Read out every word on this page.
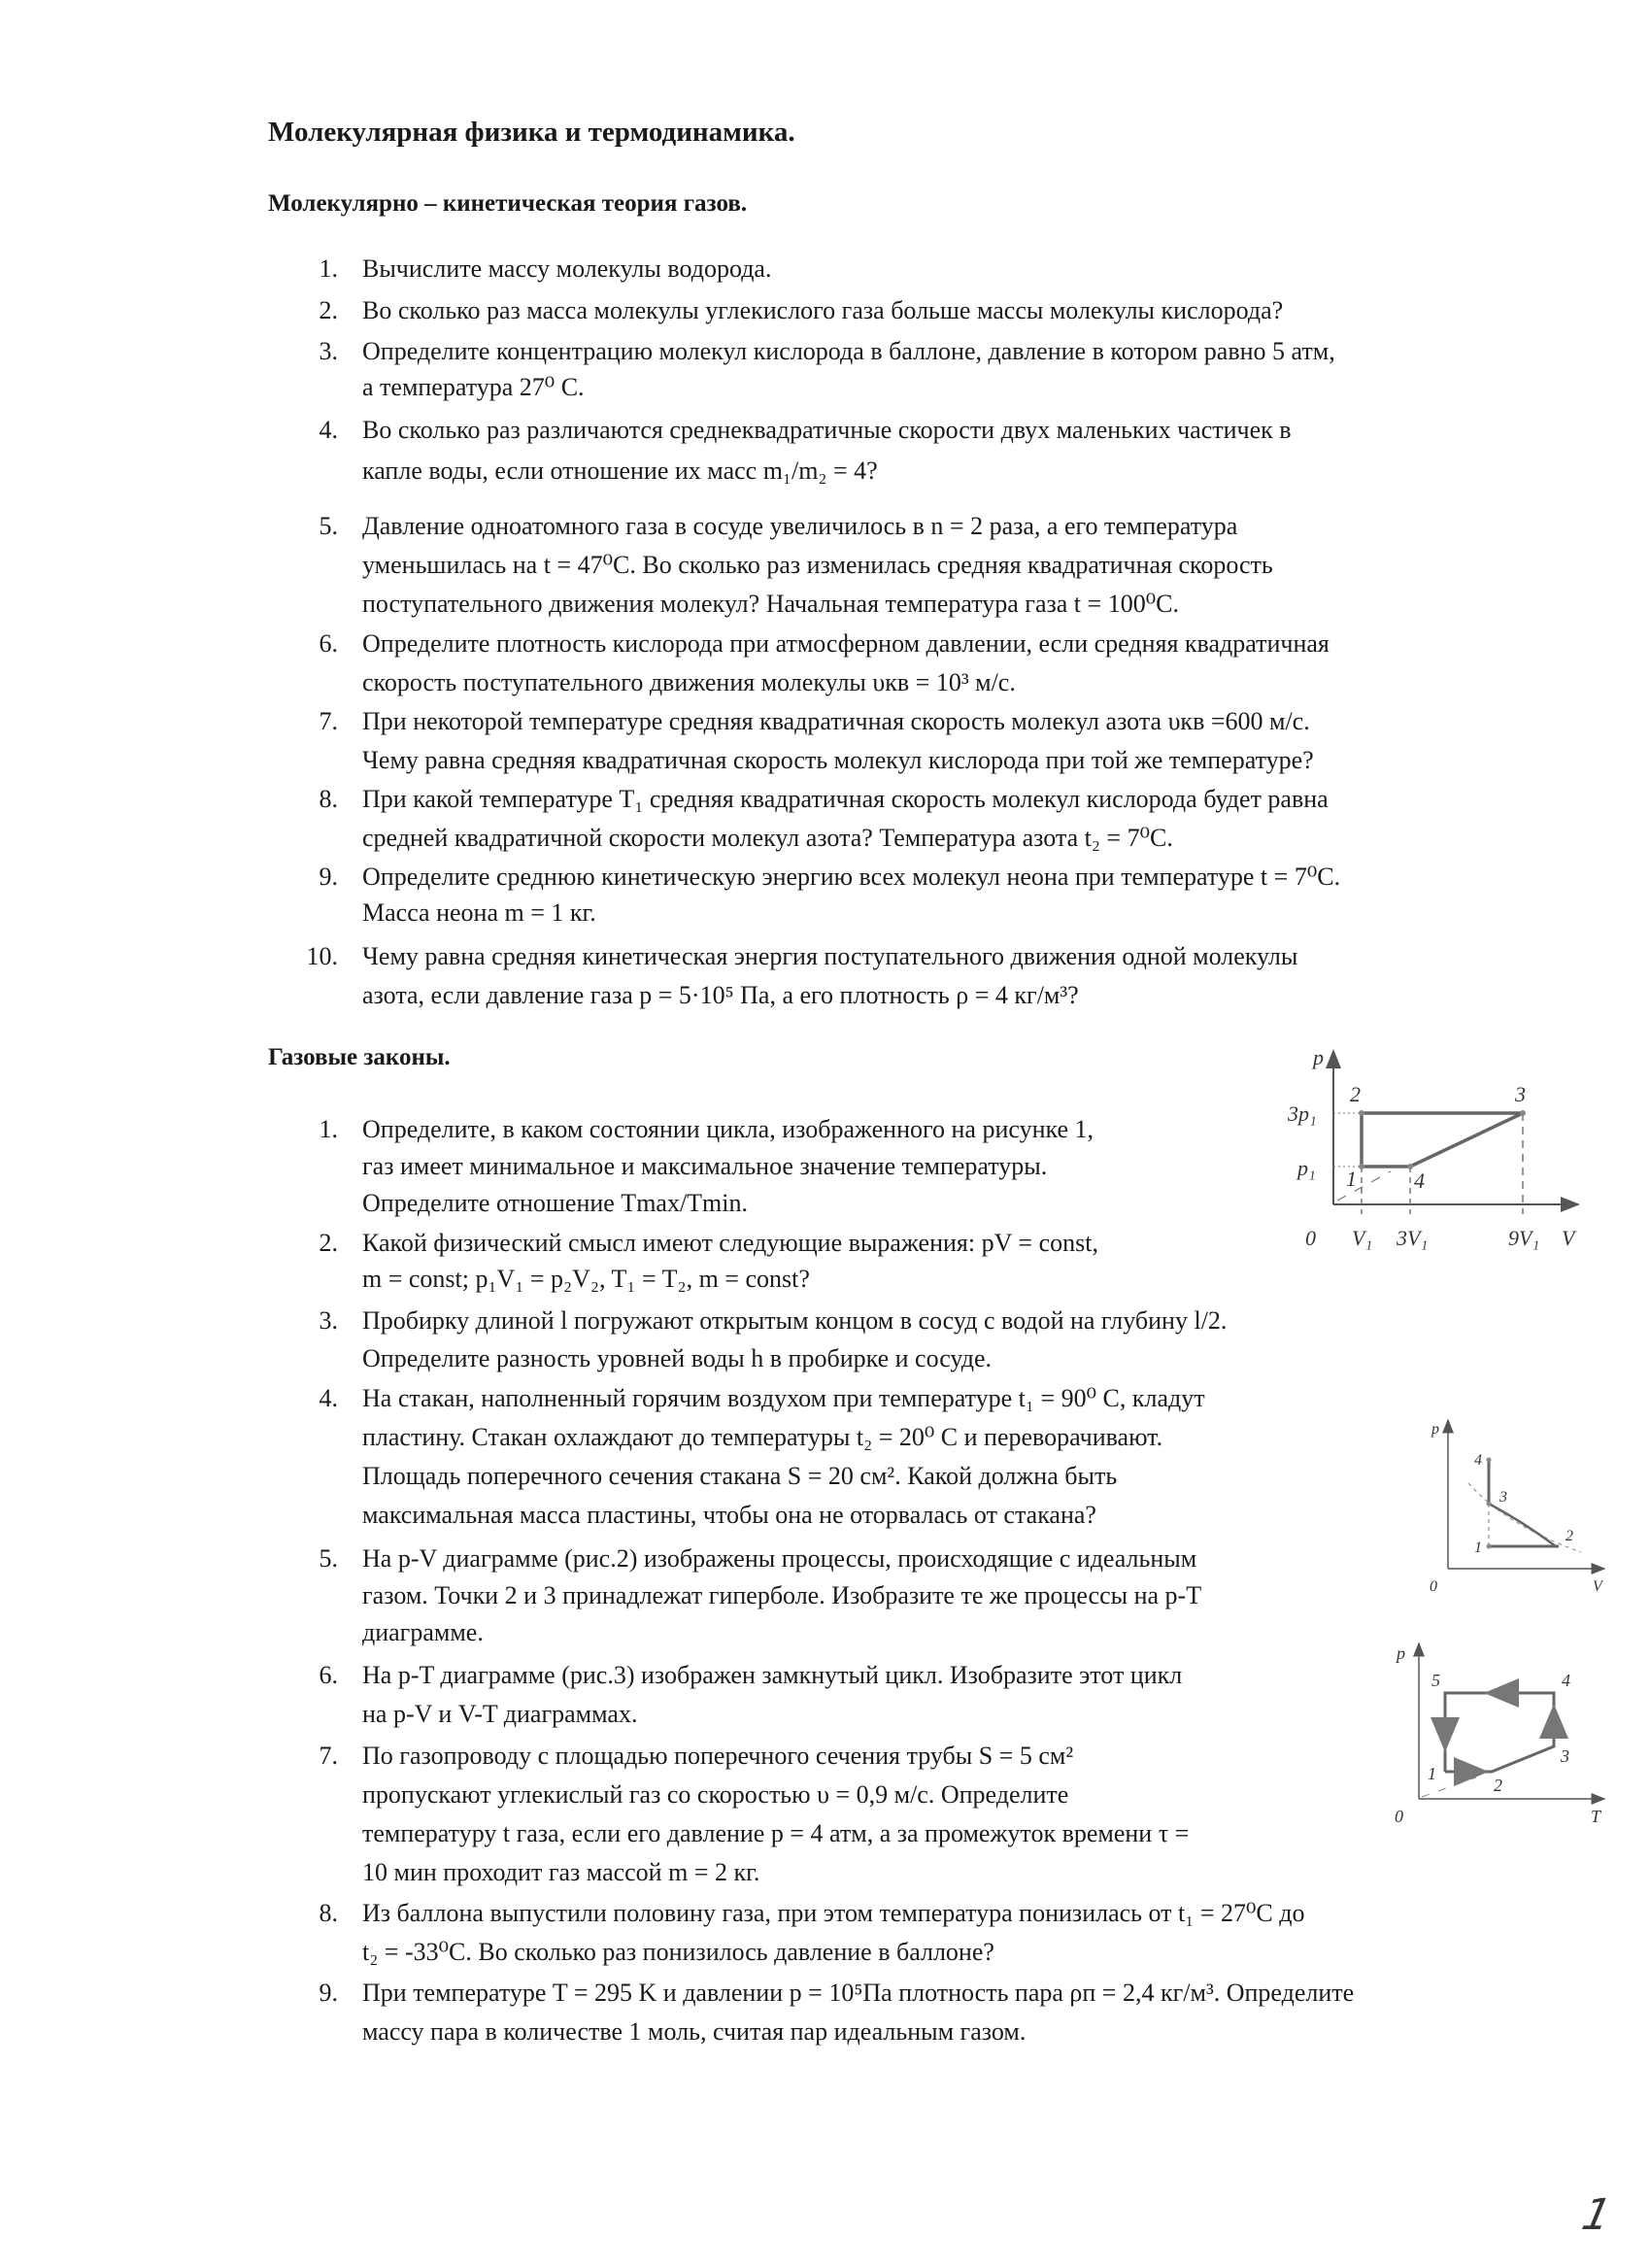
Молекулярная физика и термодинамика.
Молекулярно – кинетическая теория газов.
1. Вычислите массу молекулы водорода.
2. Во сколько раз масса молекулы углекислого газа больше массы молекулы кислорода?
3. Определите концентрацию молекул кислорода в баллоне, давление в котором равно 5 атм,
а температура 27⁰ С.
4. Во сколько раз различаются среднеквадратичные скорости двух маленьких частичек в
капле воды, если отношение их масс m₁/m₂ = 4?
5. Давление одноатомного газа в сосуде увеличилось в n = 2 раза, а его температура
уменьшилась на t = 47⁰С. Во сколько раз изменилась средняя квадратичная скорость
поступательного движения молекул? Начальная температура газа t = 100⁰С.
6. Определите плотность кислорода при атмосферном давлении, если средняя квадратичная
скорость поступательного движения молекулы υкв = 10³ м/с.
7. При некоторой температуре средняя квадратичная скорость молекул азота υкв =600 м/с.
Чему равна средняя квадратичная скорость молекул кислорода при той же температуре?
8. При какой температуре T₁ средняя квадратичная скорость молекул кислорода будет равна
средней квадратичной скорости молекул азота? Температура азота t₂ = 7⁰С.
9. Определите среднюю кинетическую энергию всех молекул неона при температуре t = 7⁰С.
Масса неона m = 1 кг.
10. Чему равна средняя кинетическая энергия поступательного движения одной молекулы
азота, если давление газа p = 5·10⁵ Па, а его плотность ρ = 4 кг/м³?
Газовые законы.
1. Определите, в каком состоянии цикла, изображенного на рисунке 1,
газ имеет минимальное и максимальное значение температуры.
Определите отношение Tmax/Tmin.
2. Какой физический смысл имеют следующие выражения: pV = const,
m = const; p₁V₁ = p₂V₂, T₁ = T₂, m = const?
3. Пробирку длиной l погружают открытым концом в сосуд с водой на глубину l/2.
Определите разность уровней воды h в пробирке и сосуде.
4. На стакан, наполненный горячим воздухом при температуре t₁ = 90⁰ С, кладут
пластину. Стакан охлаждают до температуры t₂ = 20⁰ С и переворачивают.
Площадь поперечного сечения стакана S = 20 см². Какой должна быть
максимальная масса пластины, чтобы она не оторвалась от стакана?
5. На p-V диаграмме (рис.2) изображены процессы, происходящие с идеальным
газом. Точки 2 и 3 принадлежат гиперболе. Изобразите те же процессы на p-T
диаграмме.
6. На p-T диаграмме (рис.3) изображен замкнутый цикл. Изобразите этот цикл
на p-V и V-T диаграммах.
7. По газопроводу с площадью поперечного сечения трубы S = 5 см²
пропускают углекислый газ со скоростью υ = 0,9 м/с. Определите
температуру t газа, если его давление p = 4 атм, а за промежуток времени τ =
10 мин проходит газ массой m = 2 кг.
8. Из баллона выпустили половину газа, при этом температура понизилась от t₁ = 27⁰С до
t₂ = -33⁰С. Во сколько раз понизилось давление в баллоне?
9. При температуре T = 295 K и давлении p = 10⁵Па плотность пара ρп = 2,4 кг/м³. Определите
массу пара в количестве 1 моль, считая пар идеальным газом.
p
V
0
3p₁
p₁
V₁ 3V₁	9V₁
1
2	3
4
p
V
0
1
2
3
4
p
T
0
1
2
3
4
5
1
